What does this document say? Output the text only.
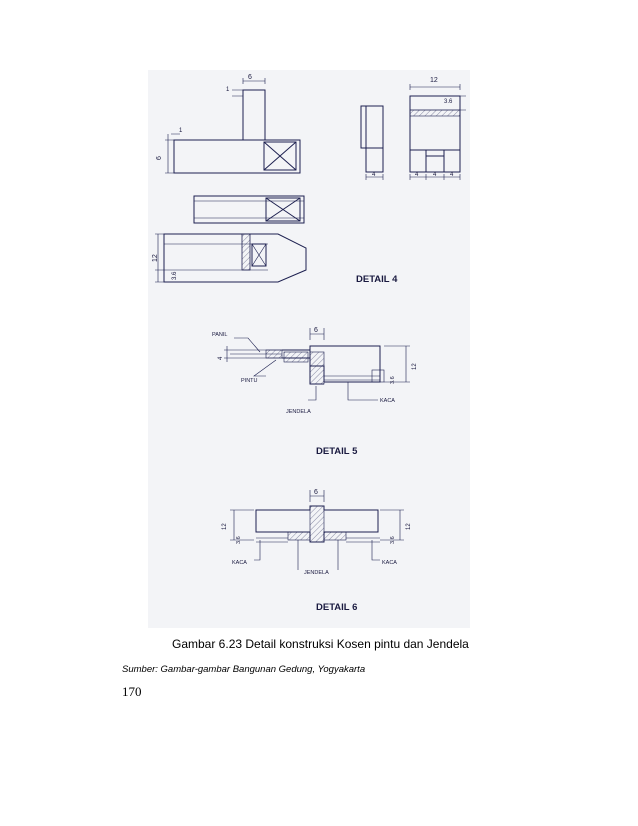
6
1
1
6
12
3.6
4
12
3.6
4 4 4
DETAIL 4
6
4
12
3.6
PANIL
PINTU
JENDELA
KACA
DETAIL 5
6
12
3.6	3.6
12
KACA
JENDELA
KACA
DETAIL 6
Gambar 6.23 Detail konstruksi Kosen pintu dan Jendela
Sumber: Gambar-gambar Bangunan Gedung, Yogyakarta
170
